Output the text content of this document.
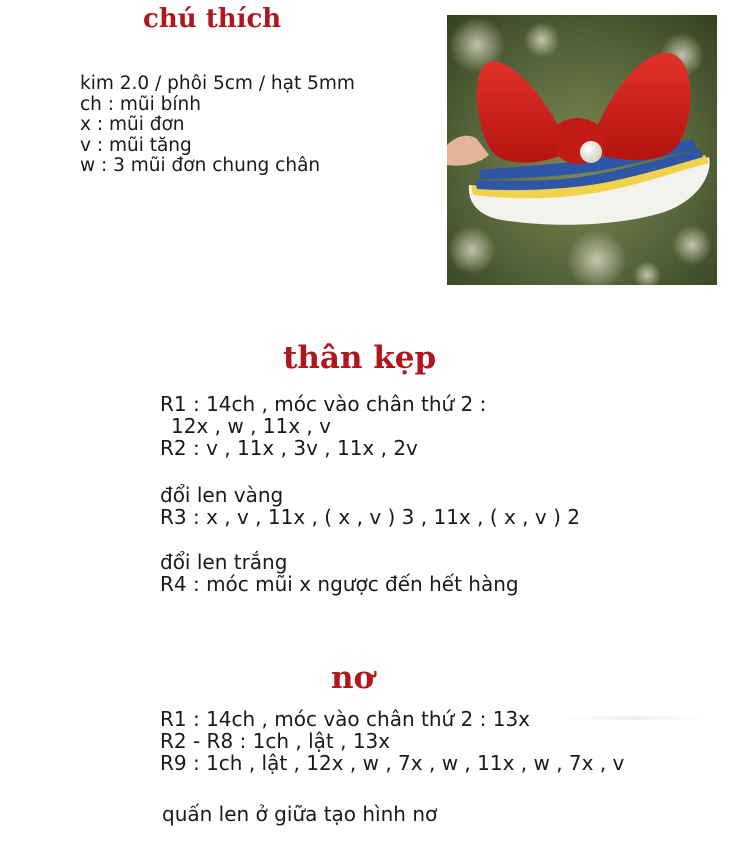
chú thích
kim 2.0 / phôi 5cm / hạt 5mm
ch : mũi bính
x : mũi đơn
v : mũi tăng
w : 3 mũi đơn chung chân
thân kẹp
R1 : 14ch , móc vào chân thứ 2 :
12x , w , 11x , v
R2 : v , 11x , 3v , 11x , 2v
đổi len vàng
R3 : x , v , 11x , ( x , v ) 3 , 11x , ( x , v ) 2
đổi len trắng
R4 : móc mũi x ngược đến hết hàng
nơ
R1 : 14ch , móc vào chân thứ 2 : 13x
R2 - R8 : 1ch , lật , 13x
R9 : 1ch , lật , 12x , w , 7x , w , 11x , w , 7x , v
quấn len ở giữa tạo hình nơ
